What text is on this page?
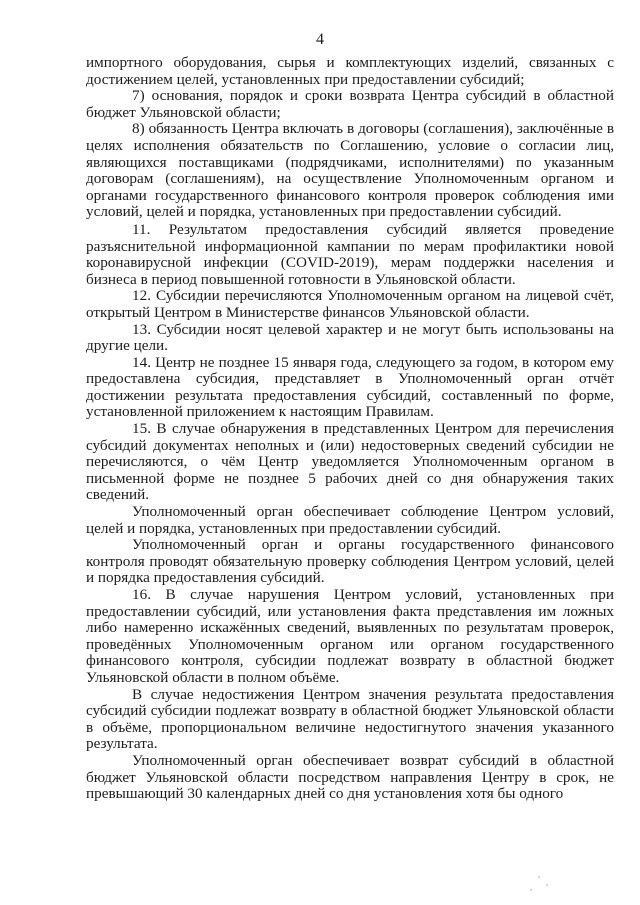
4

импортного оборудования, сырья и комплектующих изделий, связанных с достижением целей, установленных при предоставлении субсидий;

7) основания, порядок и сроки возврата Центра субсидий в областной бюджет Ульяновской области;

8) обязанность Центра включать в договоры (соглашения), заключённые в целях исполнения обязательств по Соглашению, условие о согласии лиц, являющихся поставщиками (подрядчиками, исполнителями) по указанным договорам (соглашениям), на осуществление Уполномоченным органом и органами государственного финансового контроля проверок соблюдения ими условий, целей и порядка, установленных при предоставлении субсидий.

11. Результатом предоставления субсидий является проведение разъяснительной информационной кампании по мерам профилактики новой коронавирусной инфекции (COVID-2019), мерам поддержки населения и бизнеса в период повышенной готовности в Ульяновской области.

12. Субсидии перечисляются Уполномоченным органом на лицевой счёт, открытый Центром в Министерстве финансов Ульяновской области.

13. Субсидии носят целевой характер и не могут быть использованы на другие цели.

14. Центр не позднее 15 января года, следующего за годом, в котором ему предоставлена субсидия, представляет в Уполномоченный орган отчёт достижении результата предоставления субсидий, составленный по форме, установленной приложением к настоящим Правилам.

15. В случае обнаружения в представленных Центром для перечисления субсидий документах неполных и (или) недостоверных сведений субсидии не перечисляются, о чём Центр уведомляется Уполномоченным органом в письменной форме не позднее 5 рабочих дней со дня обнаружения таких сведений.

Уполномоченный орган обеспечивает соблюдение Центром условий, целей и порядка, установленных при предоставлении субсидий.

Уполномоченный орган и органы государственного финансового контроля проводят обязательную проверку соблюдения Центром условий, целей и порядка предоставления субсидий.

16. В случае нарушения Центром условий, установленных при предоставлении субсидий, или установления факта представления им ложных либо намеренно искажённых сведений, выявленных по результатам проверок, проведённых Уполномоченным органом или органом государственного финансового контроля, субсидии подлежат возврату в областной бюджет Ульяновской области в полном объёме.

В случае недостижения Центром значения результата предоставления субсидий субсидии подлежат возврату в областной бюджет Ульяновской области в объёме, пропорциональном величине недостигнутого значения указанного результата.

Уполномоченный орган обеспечивает возврат субсидий в областной бюджет Ульяновской области посредством направления Центру в срок, не превышающий 30 календарных дней со дня установления хотя бы одного
